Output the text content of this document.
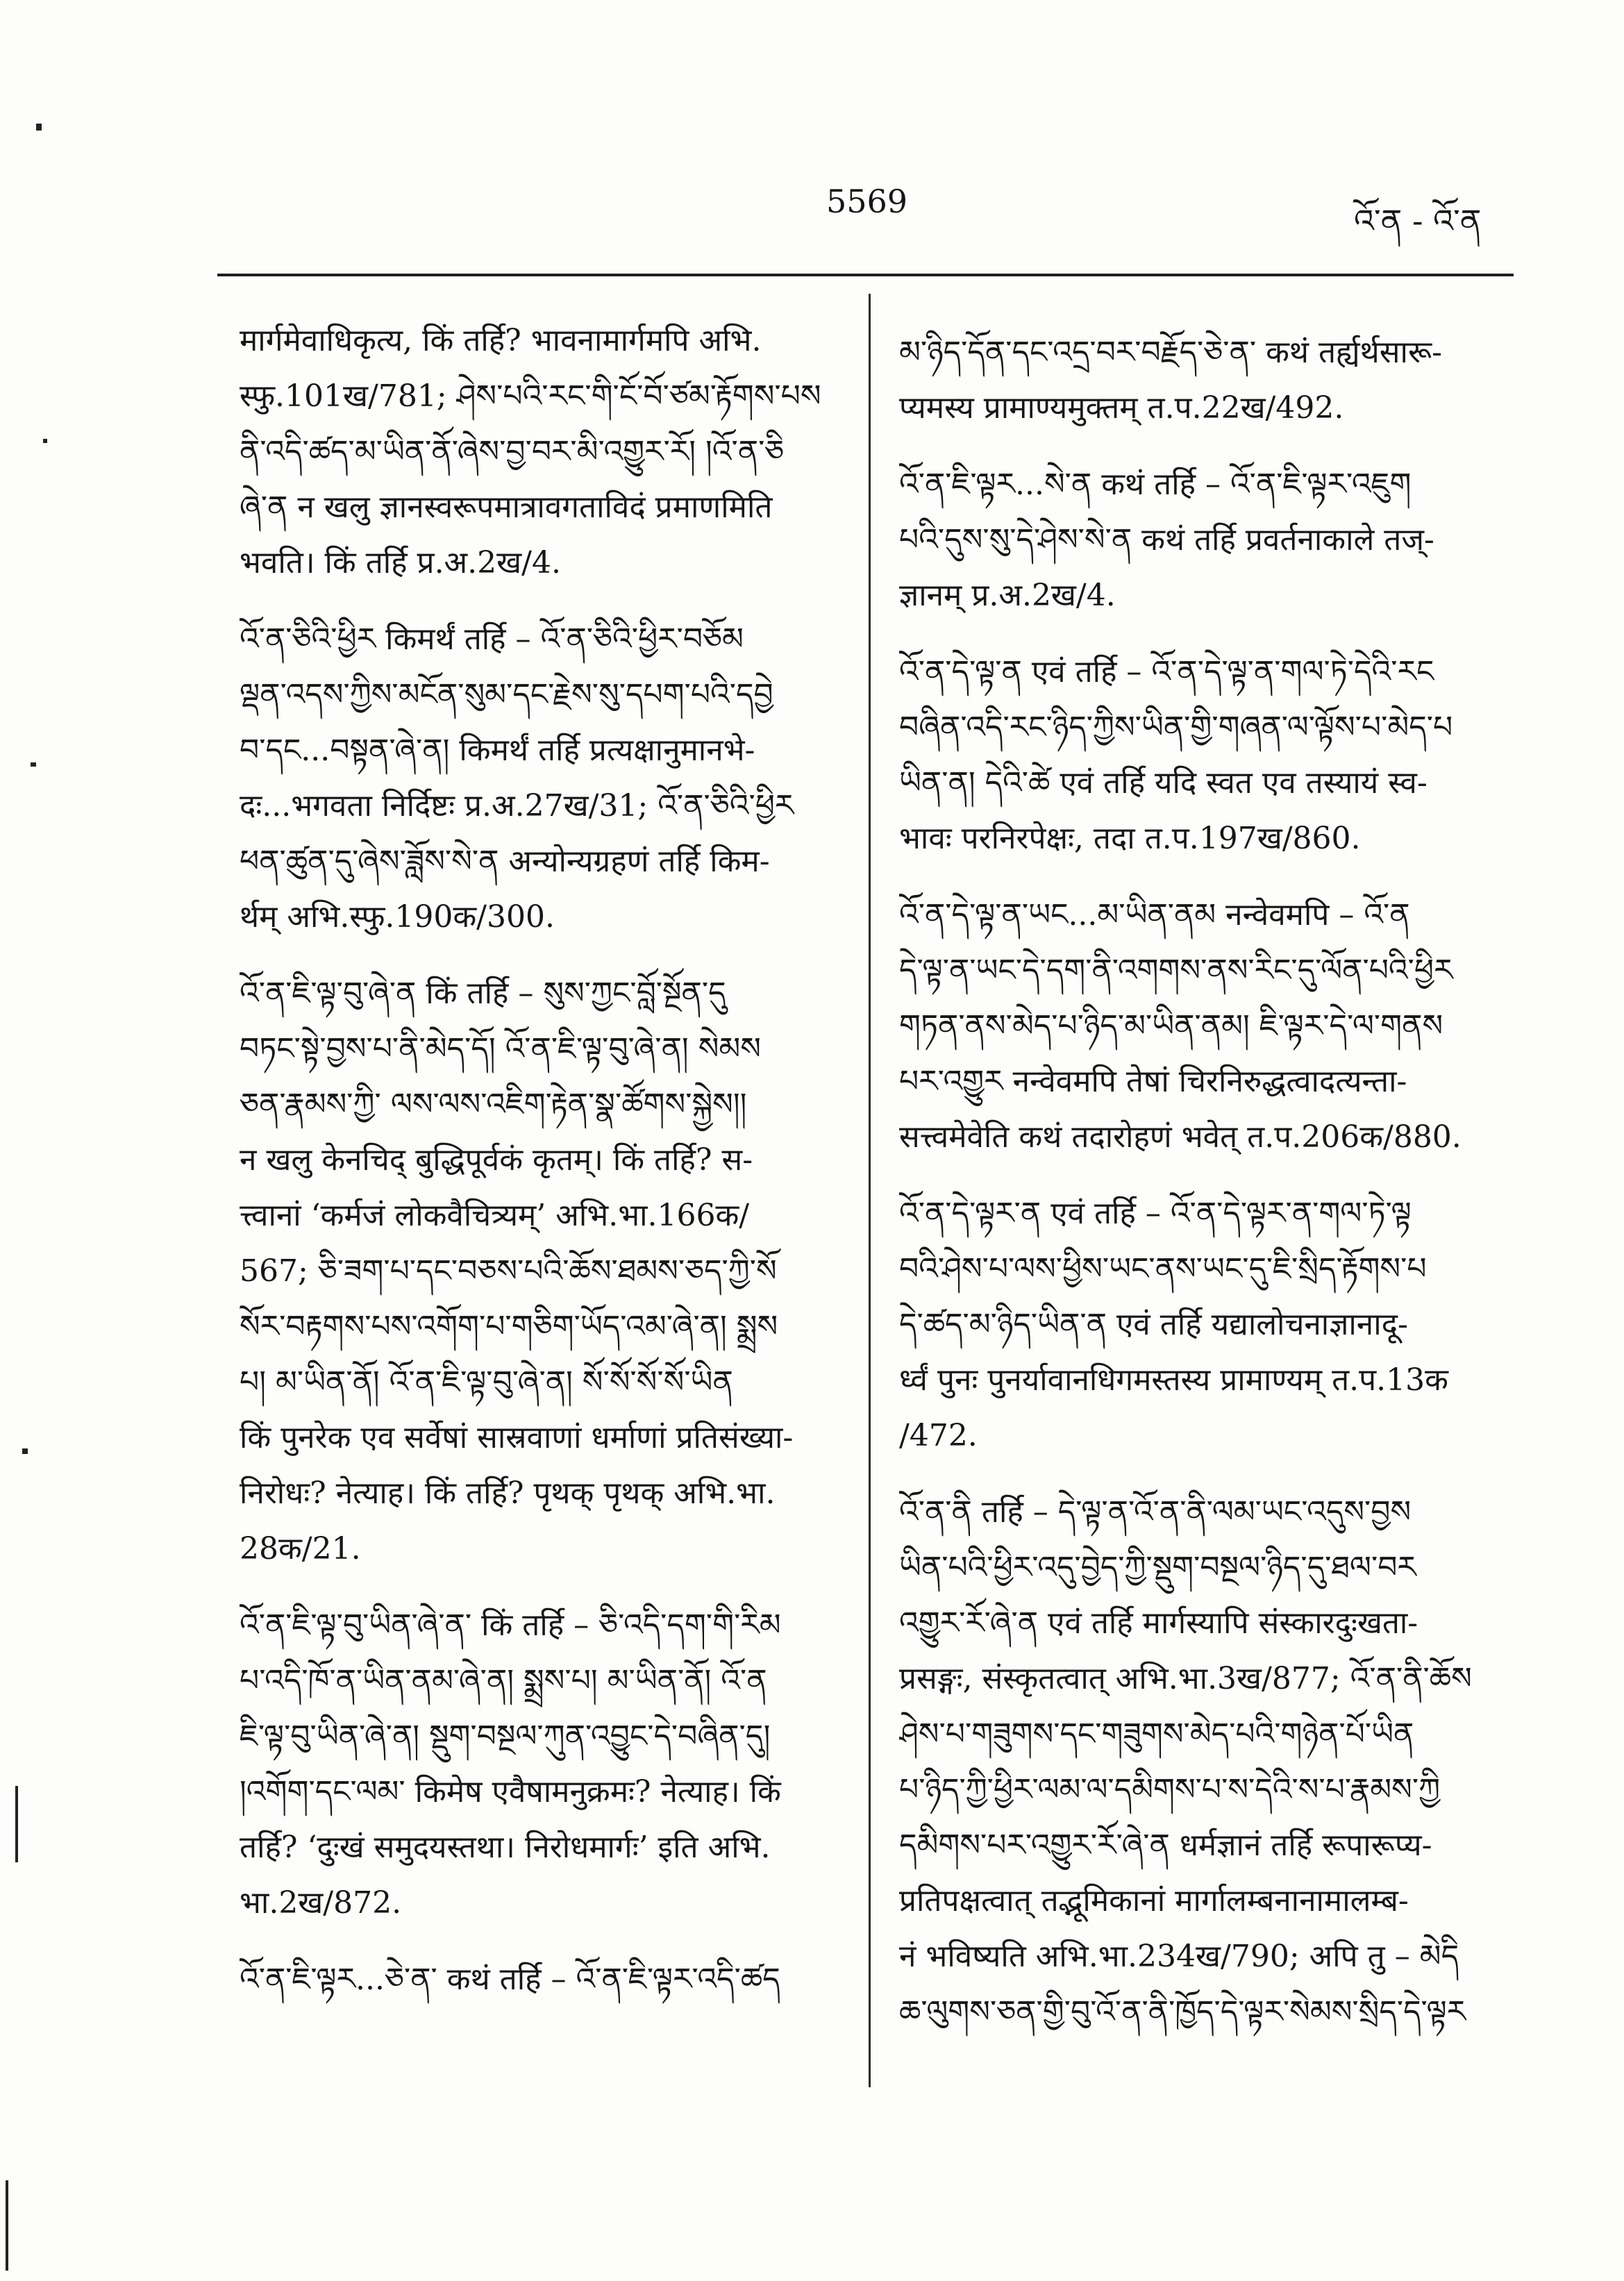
5569
འོ་ན - འོ་ན
मार्गमेवाधिकृत्य, किं तर्हि? भावनामार्गमपि अभि.
स्फु.101ख/781; ཤེས་པའི་རང་གི་ངོ་བོ་ཙམ་རྟོགས་པས
ནི་འདི་ཚད་མ་ཡིན་ནོ་ཞེས་བྱ་བར་མི་འགྱུར་རོ། །འོ་ན་ཅི
ཞེ་ན न खलु ज्ञानस्वरूपमात्रावगताविदं प्रमाणमिति
भवति। किं तर्हि प्र.अ.2ख/4.
འོ་ན་ཅིའི་ཕྱིར किमर्थं तर्हि – འོ་ན་ཅིའི་ཕྱིར་བཅོམ
ལྡན་འདས་ཀྱིས་མངོན་སུམ་དང་རྗེས་སུ་དཔག་པའི་དབྱེ
བ་དང...བསྟན་ཞེ་ན། किमर्थं तर्हि प्रत्यक्षानुमानभे-
दः...भगवता निर्दिष्टः प्र.अ.27ख/31; འོ་ན་ཅིའི་ཕྱིར
ཕན་ཚུན་དུ་ཞེས་ཟློས་སེ་ན अन्योन्यग्रहणं तर्हि किम-
र्थम् अभि.स्फु.190क/300.
འོ་ན་ཇི་ལྟ་བུ་ཞེ་ན किं तर्हि – སུས་ཀྱང་བློ་སྔོན་དུ
བཏང་སྟེ་བྱས་པ་ནི་མེད་དོ། འོ་ན་ཇི་ལྟ་བུ་ཞེ་ན། སེམས
ཅན་རྣམས་ཀྱི་ ལས་ལས་འཇིག་རྟེན་སྣ་ཚོགས་སྐྱེས།།
न खलु केनचिद् बुद्धिपूर्वकं कृतम्। किं तर्हि? स-
त्त्वानां ‘कर्मजं लोकवैचित्र्यम्’ अभि.भा.166क/
567; ཅི་ཟག་པ་དང་བཅས་པའི་ཆོས་ཐམས་ཅད་ཀྱི་སོ
སོར་བརྟགས་པས་འགོག་པ་གཅིག་ཡོད་འམ་ཞེ་ན། སྨྲས
པ། མ་ཡིན་ནོ། འོ་ན་ཇི་ལྟ་བུ་ཞེ་ན། སོ་སོ་སོ་སོ་ཡིན
किं पुनरेक एव सर्वेषां सास्रवाणां धर्माणां प्रतिसंख्या-
निरोधः? नेत्याह। किं तर्हि? पृथक् पृथक् अभि.भा.
28क/21.
འོ་ན་ཇི་ལྟ་བུ་ཡིན་ཞེ་ན་ किं तर्हि – ཅི་འདི་དག་གི་རིམ
པ་འདི་ཁོ་ན་ཡིན་ནམ་ཞེ་ན། སྨྲས་པ། མ་ཡིན་ནོ། འོ་ན
ཇི་ལྟ་བུ་ཡིན་ཞེ་ན། སྡུག་བསྔལ་ཀུན་འབྱུང་དེ་བཞིན་དུ།
།འགོག་དང་ལམ་ किमेष एवैषामनुक्रमः? नेत्याह। किं
तर्हि? ‘दुःखं समुदयस्तथा। निरोधमार्गः’ इति अभि.
भा.2ख/872.
འོ་ན་ཇི་ལྟར...ཅེ་ན་ कथं तर्हि – འོ་ན་ཇི་ལྟར་འདི་ཚད
མ་ཉིད་དོན་དང་འདྲ་བར་བརྗོད་ཅེ་ན་ कथं तर्ह्यर्थसारू-
प्यमस्य प्रामाण्यमुक्तम् त.प.22ख/492.
འོ་ན་ཇི་ལྟར...སེ་ན कथं तर्हि – འོ་ན་ཇི་ལྟར་འཇུག
པའི་དུས་སུ་དེ་ཤེས་སེ་ན कथं तर्हि प्रवर्तनाकाले तज्-
ज्ञानम् प्र.अ.2ख/4.
འོ་ན་དེ་ལྟ་ན एवं तर्हि – འོ་ན་དེ་ལྟ་ན་གལ་ཏེ་དེའི་རང
བཞིན་འདི་རང་ཉིད་ཀྱིས་ཡིན་གྱི་གཞན་ལ་ལྟོས་པ་མེད་པ
ཡིན་ན། དེའི་ཚེ एवं तर्हि यदि स्वत एव तस्यायं स्व-
भावः परनिरपेक्षः, तदा त.प.197ख/860.
འོ་ན་དེ་ལྟ་ན་ཡང...མ་ཡིན་ནམ नन्वेवमपि – འོ་ན
དེ་ལྟ་ན་ཡང་དེ་དག་ནི་འགགས་ནས་རིང་དུ་ལོན་པའི་ཕྱིར
གཏན་ནས་མེད་པ་ཉིད་མ་ཡིན་ནམ། ཇི་ལྟར་དེ་ལ་གནས
པར་འགྱུར नन्वेवमपि तेषां चिरनिरुद्धत्वादत्यन्ता-
सत्त्वमेवेति कथं तदारोहणं भवेत् त.प.206क/880.
འོ་ན་དེ་ལྟར་ན एवं तर्हि – འོ་ན་དེ་ལྟར་ན་གལ་ཏེ་ལྟ
བའི་ཤེས་པ་ལས་ཕྱིས་ཡང་ནས་ཡང་དུ་ཇི་སྲིད་རྟོགས་པ
དེ་ཚད་མ་ཉིད་ཡིན་ན एवं तर्हि यद्यालोचनाज्ञानादू-
र्ध्वं पुनः पुनर्यावानधिगमस्तस्य प्रामाण्यम् त.प.13क
/472.
འོ་ན་ནི तर्हि – དེ་ལྟ་ན་འོ་ན་ནི་ལམ་ཡང་འདུས་བྱས
ཡིན་པའི་ཕྱིར་འདུ་བྱེད་ཀྱི་སྡུག་བསྔལ་ཉིད་དུ་ཐལ་བར
འགྱུར་རོ་ཞེ་ན एवं तर्हि मार्गस्यापि संस्कारदुःखता-
प्रसङ्गः, संस्कृतत्वात् अभि.भा.3ख/877; འོ་ན་ནི་ཆོས
ཤེས་པ་གཟུགས་དང་གཟུགས་མེད་པའི་གཉེན་པོ་ཡིན
པ་ཉིད་ཀྱི་ཕྱིར་ལམ་ལ་དམིགས་པ་ས་དེའི་ས་པ་རྣམས་ཀྱི
དམིགས་པར་འགྱུར་རོ་ཞེ་ན धर्मज्ञानं तर्हि रूपारूप्य-
प्रतिपक्षत्वात् तद्भूमिकानां मार्गालम्बनानामालम्ब-
नं भविष्यति अभि.भा.234ख/790; अपि तु – མེདི
ཆ་ལུགས་ཅན་གྱི་བུ་འོ་ན་ནི་ཁྱོད་དེ་ལྟར་སེམས་སྲིད་དེ་ལྟར
